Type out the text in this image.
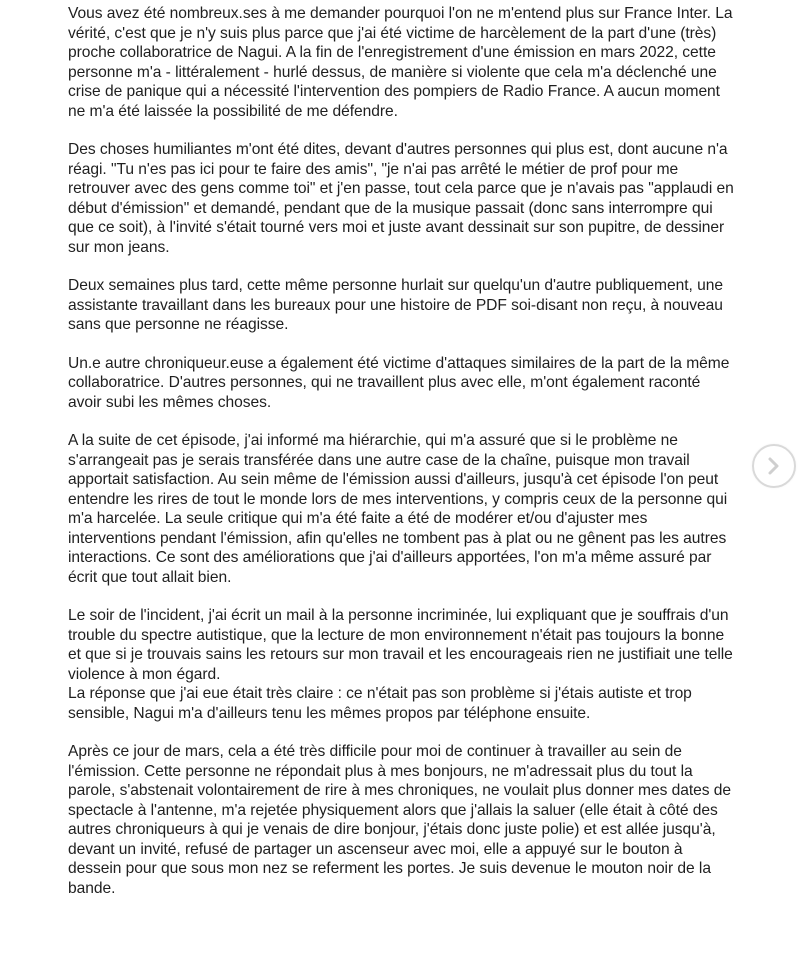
Vous avez été nombreux.ses à me demander pourquoi l'on ne m'entend plus sur France Inter. La vérité, c'est que je n'y suis plus parce que j'ai été victime de harcèlement de la part d'une (très) proche collaboratrice de Nagui. A la fin de l'enregistrement d'une émission en mars 2022, cette personne m'a - littéralement - hurlé dessus, de manière si violente que cela m'a déclenché une crise de panique qui a nécessité l'intervention des pompiers de Radio France. A aucun moment ne m'a été laissée la possibilité de me défendre.

Des choses humiliantes m'ont été dites, devant d'autres personnes qui plus est, dont aucune n'a réagi. "Tu n'es pas ici pour te faire des amis", "je n'ai pas arrêté le métier de prof pour me retrouver avec des gens comme toi" et j'en passe, tout cela parce que je n'avais pas "applaudi en début d'émission" et demandé, pendant que de la musique passait (donc sans interrompre qui que ce soit), à l'invité s'était tourné vers moi et juste avant dessinait sur son pupitre, de dessiner sur mon jeans.

Deux semaines plus tard, cette même personne hurlait sur quelqu'un d'autre publiquement, une assistante travaillant dans les bureaux pour une histoire de PDF soi-disant non reçu, à nouveau sans que personne ne réagisse.

Un.e autre chroniqueur.euse a également été victime d'attaques similaires de la part de la même collaboratrice. D'autres personnes, qui ne travaillent plus avec elle, m'ont également raconté avoir subi les mêmes choses.

A la suite de cet épisode, j'ai informé ma hiérarchie, qui m'a assuré que si le problème ne s'arrangeait pas je serais transférée dans une autre case de la chaîne, puisque mon travail apportait satisfaction. Au sein même de l'émission aussi d'ailleurs, jusqu'à cet épisode l'on peut entendre les rires de tout le monde lors de mes interventions, y compris ceux de la personne qui m'a harcelée. La seule critique qui m'a été faite a été de modérer et/ou d'ajuster mes interventions pendant l'émission, afin qu'elles ne tombent pas à plat ou ne gênent pas les autres interactions. Ce sont des améliorations que j'ai d'ailleurs apportées, l'on m'a même assuré par écrit que tout allait bien.

Le soir de l'incident, j'ai écrit un mail à la personne incriminée, lui expliquant que je souffrais d'un trouble du spectre autistique, que la lecture de mon environnement n'était pas toujours la bonne et que si je trouvais sains les retours sur mon travail et les encourageais rien ne justifiait une telle violence à mon égard.

La réponse que j'ai eue était très claire : ce n'était pas son problème si j'étais autiste et trop sensible, Nagui m'a d'ailleurs tenu les mêmes propos par téléphone ensuite.

Après ce jour de mars, cela a été très difficile pour moi de continuer à travailler au sein de l'émission. Cette personne ne répondait plus à mes bonjours, ne m'adressait plus du tout la parole, s'abstenait volontairement de rire à mes chroniques, ne voulait plus donner mes dates de spectacle à l'antenne, m'a rejetée physiquement alors que j'allais la saluer (elle était à côté des autres chroniqueurs à qui je venais de dire bonjour, j'étais donc juste polie) et est allée jusqu'à, devant un invité, refusé de partager un ascenseur avec moi, elle a appuyé sur le bouton à dessein pour que sous mon nez se referment les portes. Je suis devenue le mouton noir de la bande.
